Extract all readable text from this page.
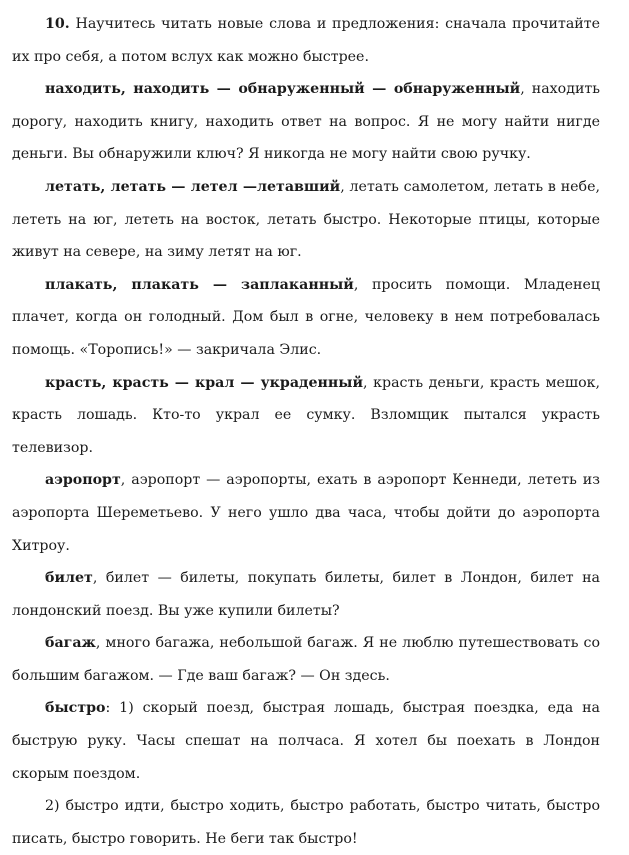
10. Научитесь читать новые слова и предложения: сначала прочитайте их про себя, а потом вслух как можно быстрее.

находить, находить — обнаруженный — обнаруженный, находить дорогу, находить книгу, находить ответ на вопрос. Я не могу найти нигде деньги. Вы обнаружили ключ? Я никогда не могу найти свою ручку.

летать, летать — летел —летавший, летать самолетом, летать в небе, лететь на юг, лететь на восток, летать быстро. Некоторые птицы, которые живут на севере, на зиму летят на юг.

плакать, плакать — заплаканный, просить помощи. Младенец плачет, когда он голодный. Дом был в огне, человеку в нем потребовалась помощь. «Торопись!» — закричала Элис.

красть, красть — крал — украденный, красть деньги, красть мешок, красть лошадь. Кто-то украл ее сумку. Взломщик пытался украсть телевизор.

аэропорт, аэропорт — аэропорты, ехать в аэропорт Кеннеди, лететь из аэропорта Шереметьево. У него ушло два часа, чтобы дойти до аэропорта Хитроу.

билет, билет — билеты, покупать билеты, билет в Лондон, билет на лондонский поезд. Вы уже купили билеты?

багаж, много багажа, небольшой багаж. Я не люблю путешествовать со большим багажом. — Где ваш багаж? — Он здесь.

быстро: 1) скорый поезд, быстрая лошадь, быстрая поездка, еда на быструю руку. Часы спешат на полчаса. Я хотел бы поехать в Лондон скорым поездом.

2) быстро идти, быстро ходить, быстро работать, быстро читать, быстро писать, быстро говорить. Не беги так быстро!
